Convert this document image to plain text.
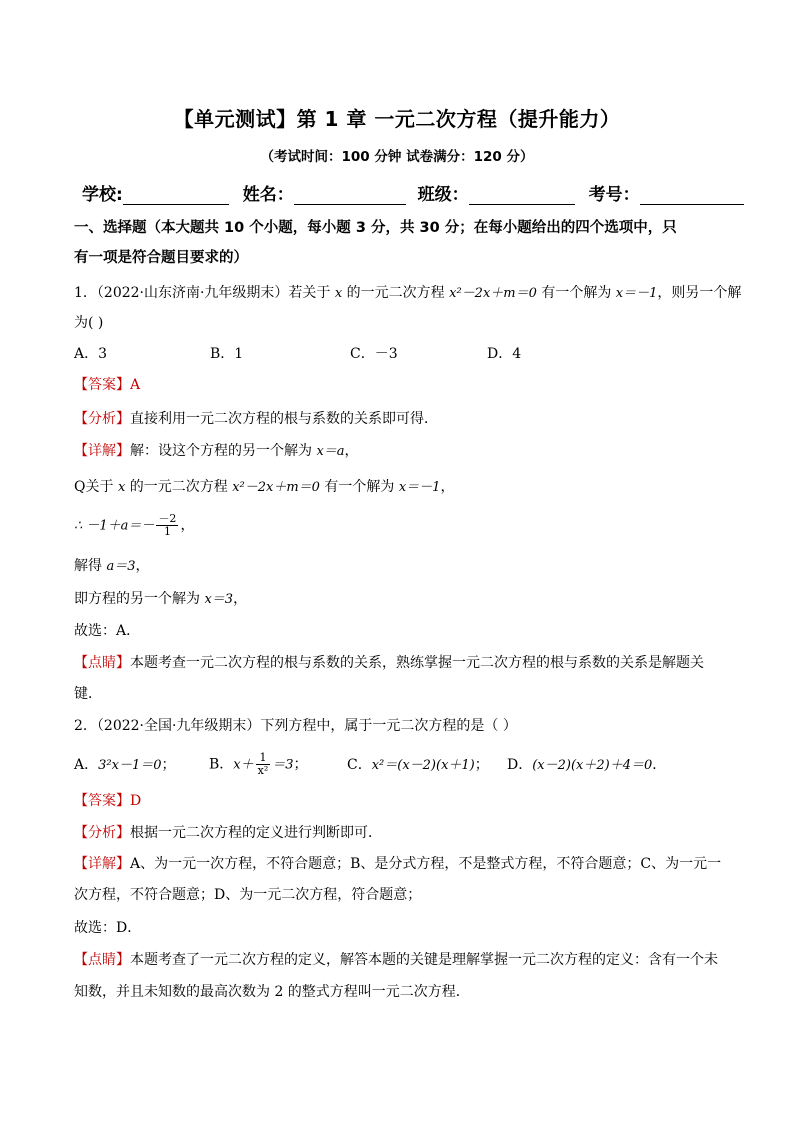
【单元测试】第 1 章 一元二次方程（提升能力）
（考试时间：100 分钟 试卷满分：120 分）
学校:	姓名：	班级：	考号：
一、选择题（本大题共 10 个小题，每小题 3 分，共 30 分；在每小题给出的四个选项中，只
有一项是符合题目要求的）
1．（2022·山东济南·九年级期末）若关于 x 的一元二次方程 x²－2x＋m＝0 有一个解为 x＝－1，则另一个解
为( )
A．3	B．1	C．－3	D．4
【答案】A
【分析】直接利用一元二次方程的根与系数的关系即可得．
【详解】解：设这个方程的另一个解为 x＝a，
Q关于 x 的一元二次方程 x²－2x＋m＝0 有一个解为 x＝－1，
∴ $-1+a=- \frac{-2}{1}$ ，
解得 a＝3，
即方程的另一个解为 x＝3，
故选：A．
【点睛】本题考查一元二次方程的根与系数的关系，熟练掌握一元二次方程的根与系数的关系是解题关
键．
2．（2022·全国·九年级期末）下列方程中，属于一元二次方程的是（ ）
A．3²x－1＝0； B．$x+ \frac{1}{\text{x²}} =3$；	C．x²＝(x－2)(x＋1)； D．(x－2)(x＋2)＋4＝0．
【答案】D
【分析】根据一元二次方程的定义进行判断即可．
【详解】A、为一元一次方程，不符合题意；B、是分式方程，不是整式方程，不符合题意；C、为一元一
次方程，不符合题意；D、为一元二次方程，符合题意；
故选：D．
【点睛】本题考查了一元二次方程的定义，解答本题的关键是理解掌握一元二次方程的定义：含有一个未
知数，并且未知数的最高次数为 2 的整式方程叫一元二次方程．
